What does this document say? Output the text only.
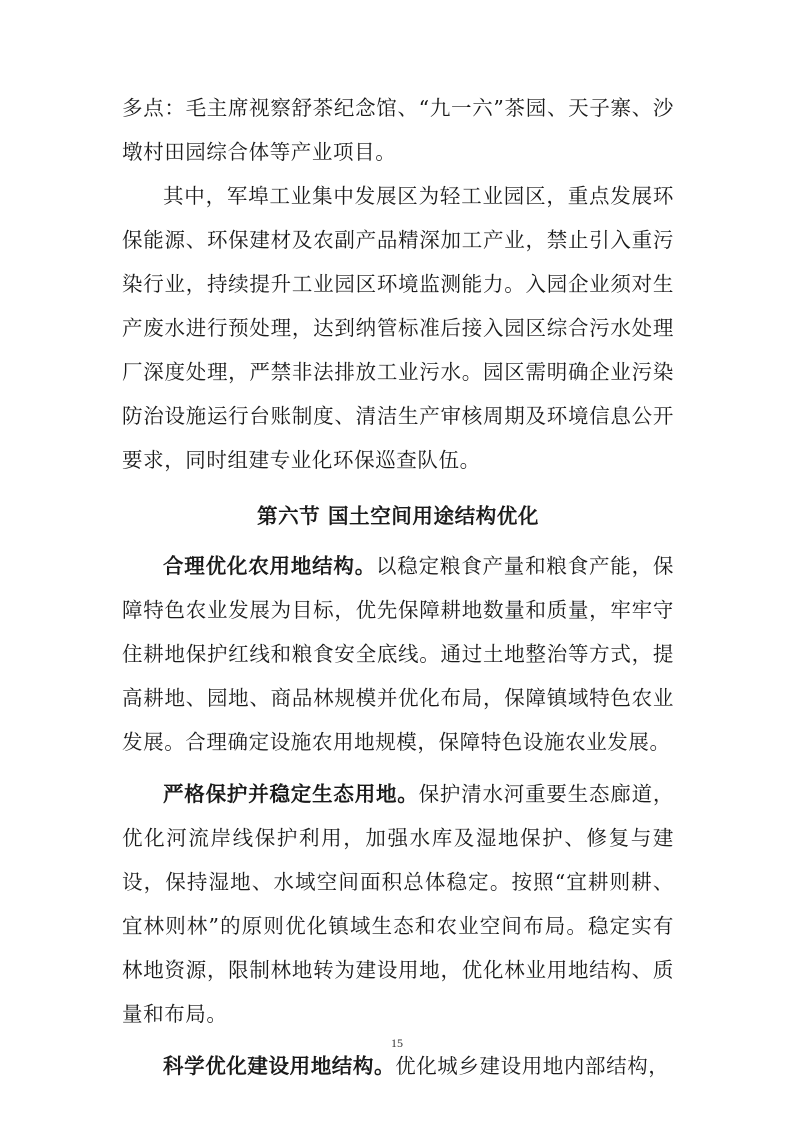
多点：毛主席视察舒茶纪念馆、“九一六”茶园、天子寨、沙墩村田园综合体等产业项目。

其中，军埠工业集中发展区为轻工业园区，重点发展环保能源、环保建材及农副产品精深加工产业，禁止引入重污染行业，持续提升工业园区环境监测能力。入园企业须对生产废水进行预处理，达到纳管标准后接入园区综合污水处理厂深度处理，严禁非法排放工业污水。园区需明确企业污染防治设施运行台账制度、清洁生产审核周期及环境信息公开要求，同时组建专业化环保巡查队伍。

第六节 国土空间用途结构优化

合理优化农用地结构。以稳定粮食产量和粮食产能，保障特色农业发展为目标，优先保障耕地数量和质量，牢牢守住耕地保护红线和粮食安全底线。通过土地整治等方式，提高耕地、园地、商品林规模并优化布局，保障镇域特色农业发展。合理确定设施农用地规模，保障特色设施农业发展。

严格保护并稳定生态用地。保护清水河重要生态廊道，优化河流岸线保护利用，加强水库及湿地保护、修复与建设，保持湿地、水域空间面积总体稳定。按照“宜耕则耕、宜林则林”的原则优化镇域生态和农业空间布局。稳定实有林地资源，限制林地转为建设用地，优化林业用地结构、质量和布局。

科学优化建设用地结构。优化城乡建设用地内部结构，

15
